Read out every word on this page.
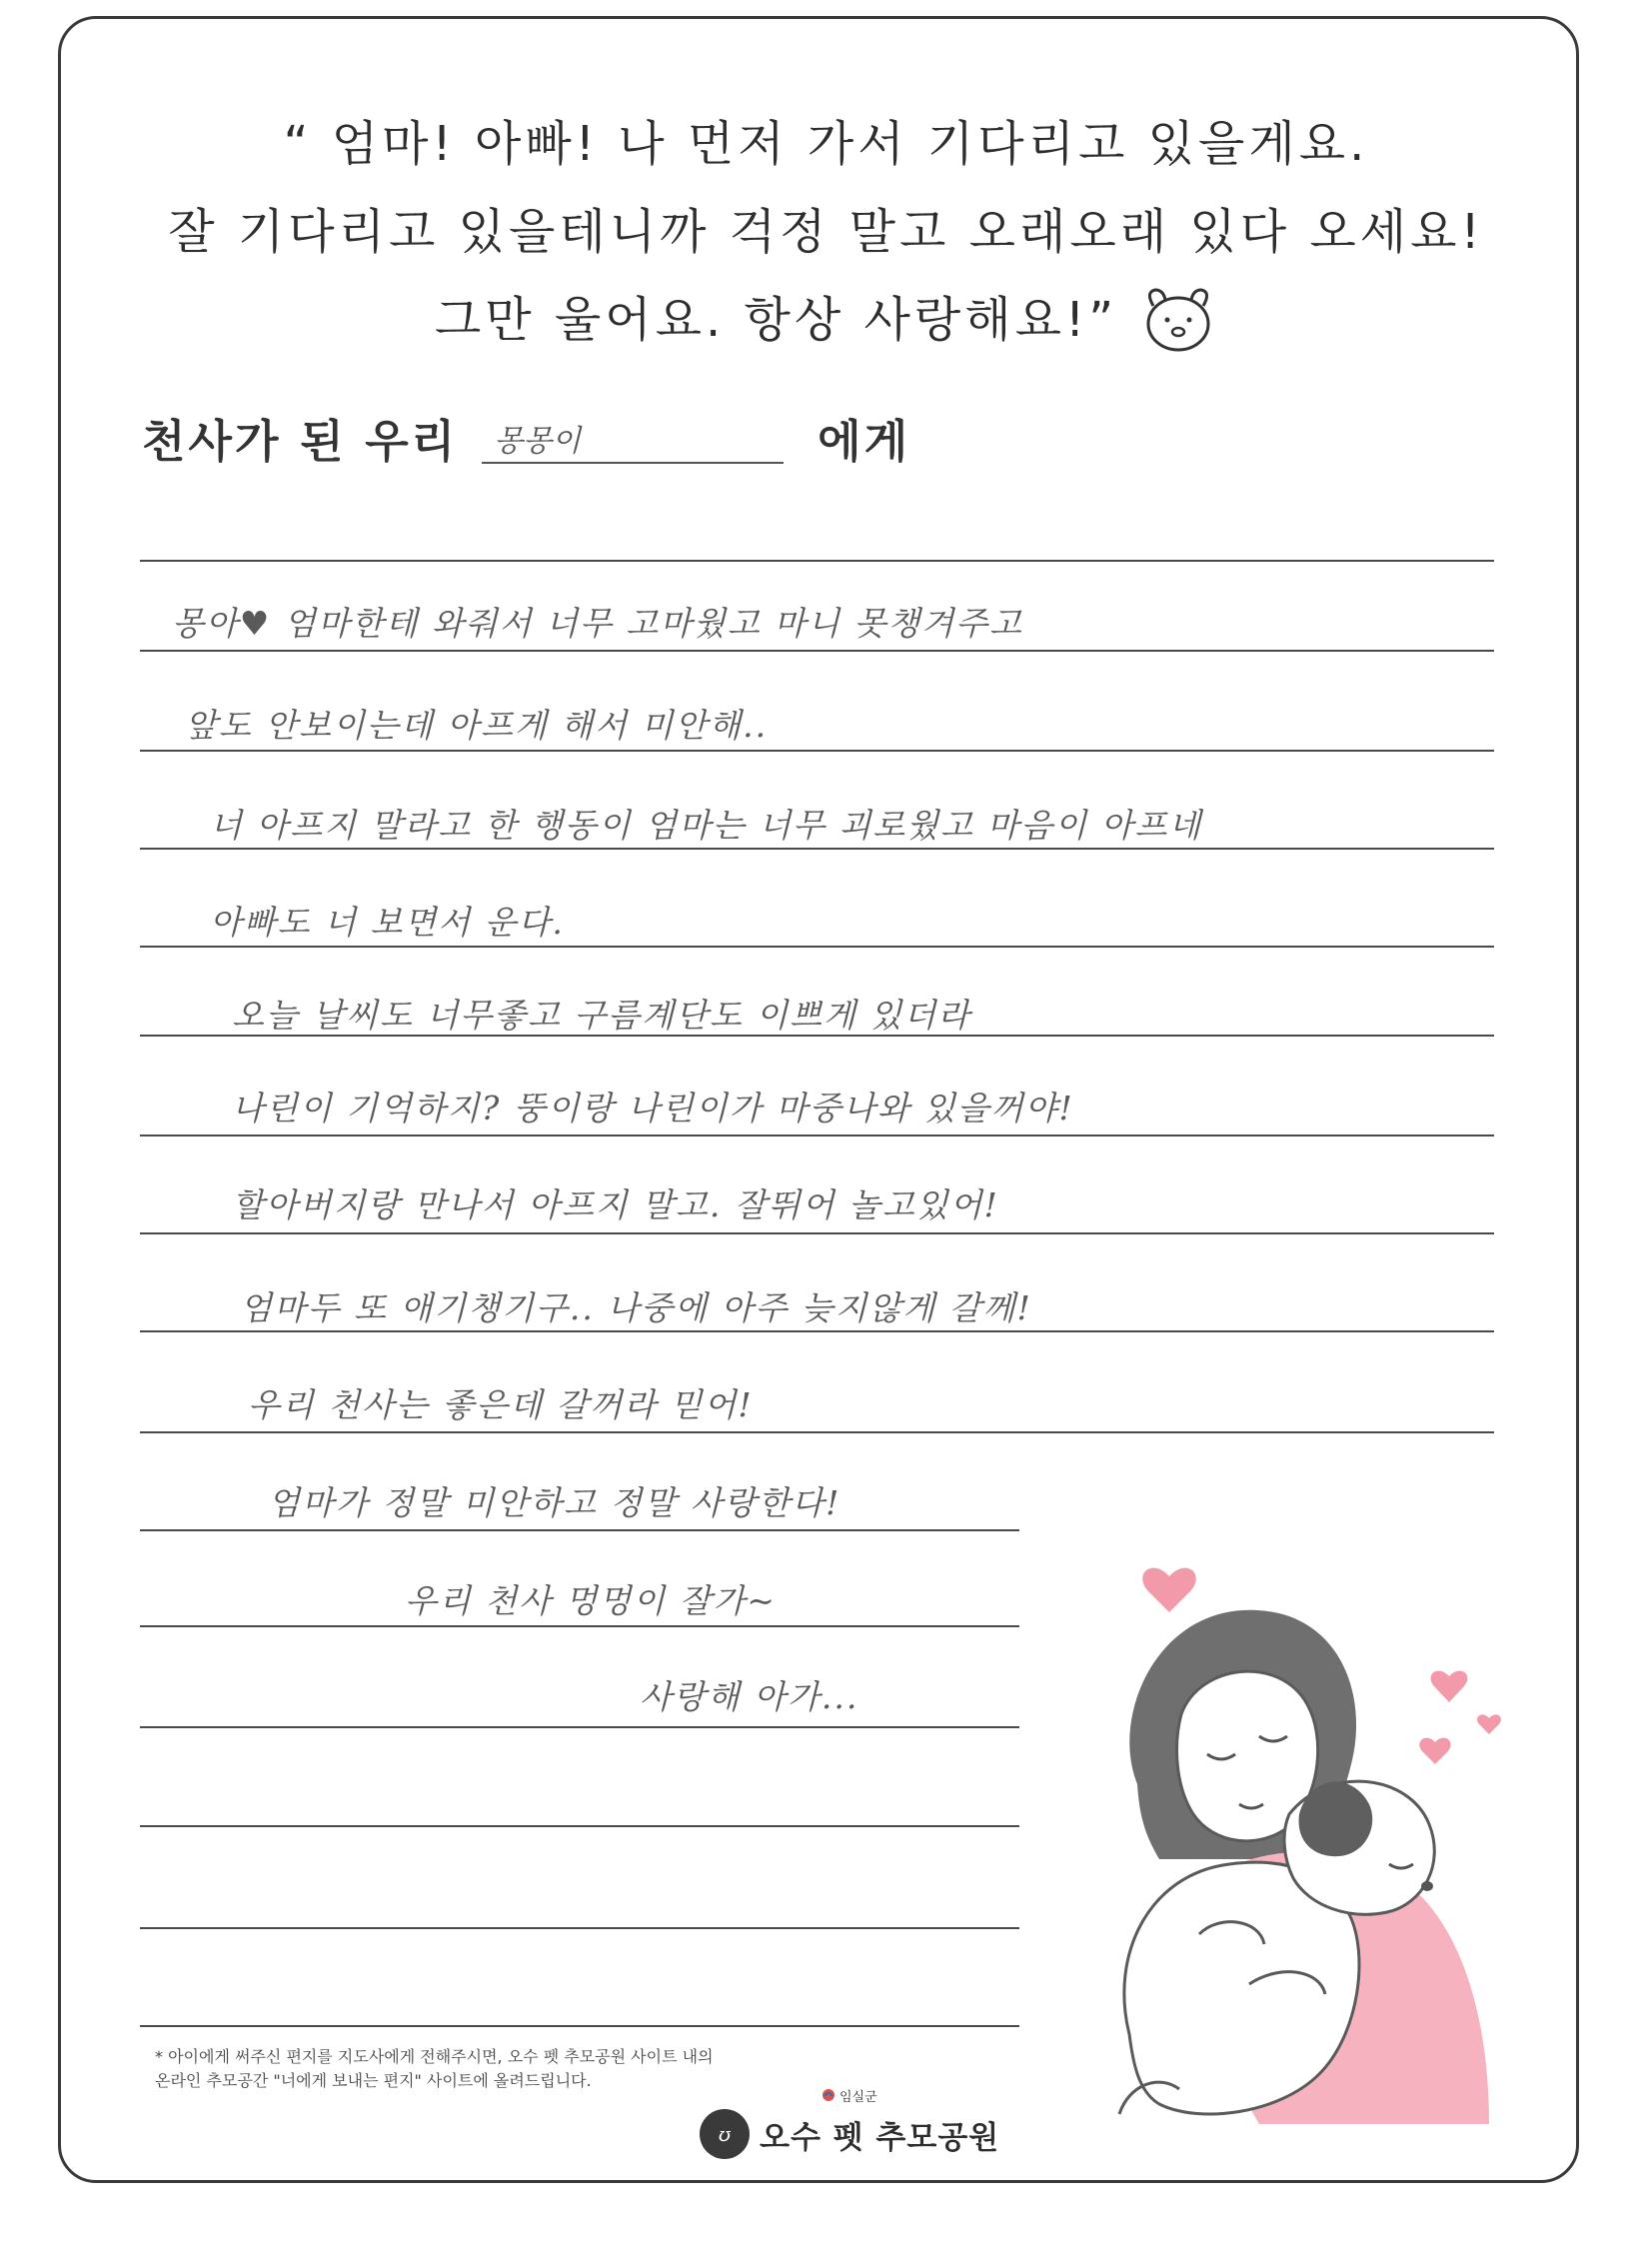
“ 엄마! 아빠! 나 먼저 가서 기다리고 있을게요.
잘 기다리고 있을테니까 걱정 말고 오래오래 있다 오세요!
그만 울어요. 항상 사랑해요!”
천사가 된 우리 몽몽이	에게
몽아♥ 엄마한테 와줘서 너무 고마웠고 마니 못챙겨주고
앞도 안보이는데 아프게 해서 미안해..
너 아프지 말라고 한 행동이 엄마는 너무 괴로웠고 마음이 아프네
아빠도 너 보면서 운다.
오늘 날씨도 너무좋고 구름계단도 이쁘게 있더라
나린이 기억하지? 뚱이랑 나린이가 마중나와 있을꺼야!
할아버지랑 만나서 아프지 말고. 잘뛰어 놀고있어!
엄마두 또 애기챙기구.. 나중에 아주 늦지않게 갈께!
우리 천사는 좋은데 갈꺼라 믿어!
엄마가 정말 미안하고 정말 사랑한다!
우리 천사 멍멍이 잘가~
사랑해 아가...
* 아이에게 써주신 편지를 지도사에게 전해주시면, 오수 펫 추모공원 사이트 내의
온라인 추모공간 "너에게 보내는 편지" 사이트에 올려드립니다.
ʊ
임실군
오수 펫 추모공원
